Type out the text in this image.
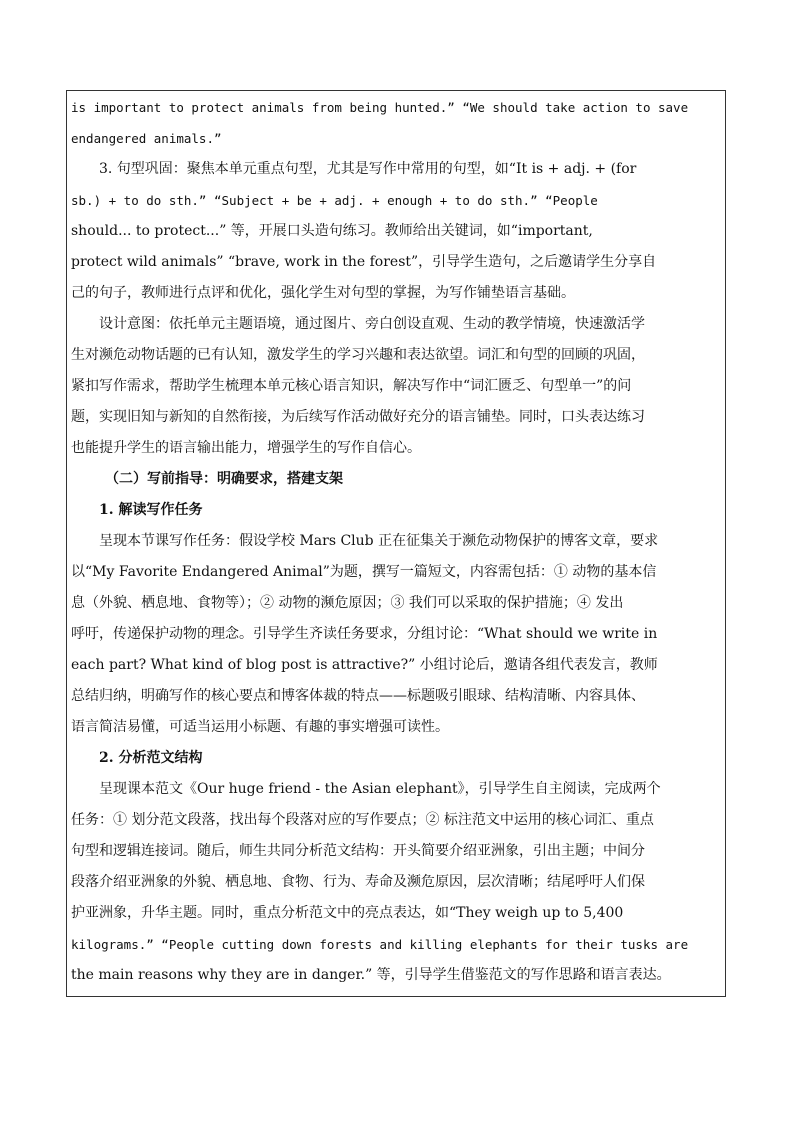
is important to protect animals from being hunted.” “We should take action to save
endangered animals.”
3. 句型巩固：聚焦本单元重点句型，尤其是写作中常用的句型，如“It is + adj. + (for
sb.) + to do sth.” “Subject + be + adj. + enough + to do sth.” “People
should... to protect...” 等，开展口头造句练习。教师给出关键词，如“important,
protect wild animals” “brave, work in the forest”，引导学生造句，之后邀请学生分享自
己的句子，教师进行点评和优化，强化学生对句型的掌握，为写作铺垫语言基础。
设计意图：依托单元主题语境，通过图片、旁白创设直观、生动的教学情境，快速激活学
生对濒危动物话题的已有认知，激发学生的学习兴趣和表达欲望。词汇和句型的回顾的巩固，
紧扣写作需求，帮助学生梳理本单元核心语言知识，解决写作中“词汇匮乏、句型单一”的问
题，实现旧知与新知的自然衔接，为后续写作活动做好充分的语言铺垫。同时，口头表达练习
也能提升学生的语言输出能力，增强学生的写作自信心。
（二）写前指导：明确要求，搭建支架
1. 解读写作任务
呈现本节课写作任务：假设学校 Mars Club 正在征集关于濒危动物保护的博客文章，要求
以“My Favorite Endangered Animal”为题，撰写一篇短文，内容需包括：① 动物的基本信
息（外貌、栖息地、食物等）；② 动物的濒危原因；③ 我们可以采取的保护措施；④ 发出
呼吁，传递保护动物的理念。引导学生齐读任务要求，分组讨论：“What should we write in
each part? What kind of blog post is attractive?” 小组讨论后，邀请各组代表发言，教师
总结归纳，明确写作的核心要点和博客体裁的特点——标题吸引眼球、结构清晰、内容具体、
语言简洁易懂，可适当运用小标题、有趣的事实增强可读性。
2. 分析范文结构
呈现课本范文《Our huge friend - the Asian elephant》，引导学生自主阅读，完成两个
任务：① 划分范文段落，找出每个段落对应的写作要点；② 标注范文中运用的核心词汇、重点
句型和逻辑连接词。随后，师生共同分析范文结构：开头简要介绍亚洲象，引出主题；中间分
段落介绍亚洲象的外貌、栖息地、食物、行为、寿命及濒危原因，层次清晰；结尾呼吁人们保
护亚洲象，升华主题。同时，重点分析范文中的亮点表达，如“They weigh up to 5,400
kilograms.” “People cutting down forests and killing elephants for their tusks are
the main reasons why they are in danger.” 等，引导学生借鉴范文的写作思路和语言表达。
